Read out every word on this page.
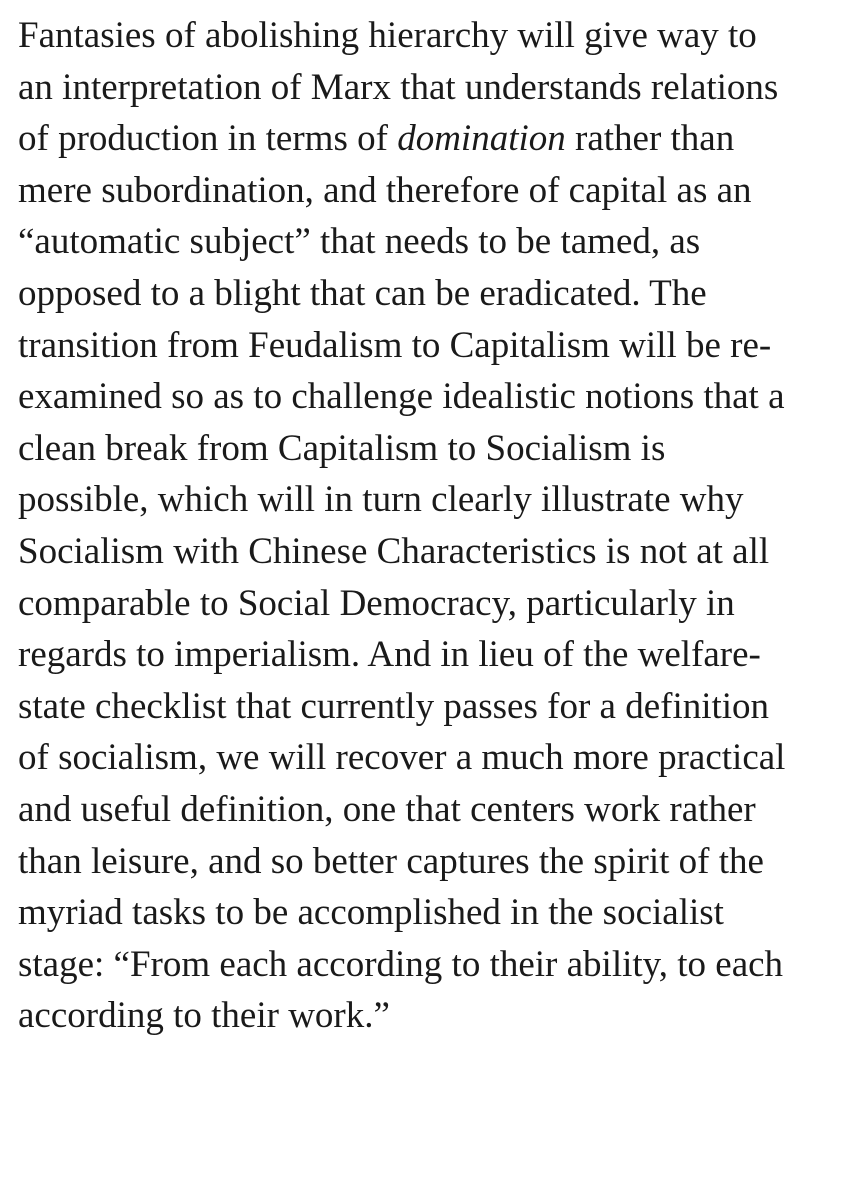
Fantasies of abolishing hierarchy will give way to
an interpretation of Marx that understands relations
of production in terms of domination rather than
mere subordination, and therefore of capital as an
“automatic subject” that needs to be tamed, as
opposed to a blight that can be eradicated. The
transition from Feudalism to Capitalism will be re-
examined so as to challenge idealistic notions that a
clean break from Capitalism to Socialism is
possible, which will in turn clearly illustrate why
Socialism with Chinese Characteristics is not at all
comparable to Social Democracy, particularly in
regards to imperialism. And in lieu of the welfare-
state checklist that currently passes for a definition
of socialism, we will recover a much more practical
and useful definition, one that centers work rather
than leisure, and so better captures the spirit of the
myriad tasks to be accomplished in the socialist
stage: “From each according to their ability, to each
according to their work.”
